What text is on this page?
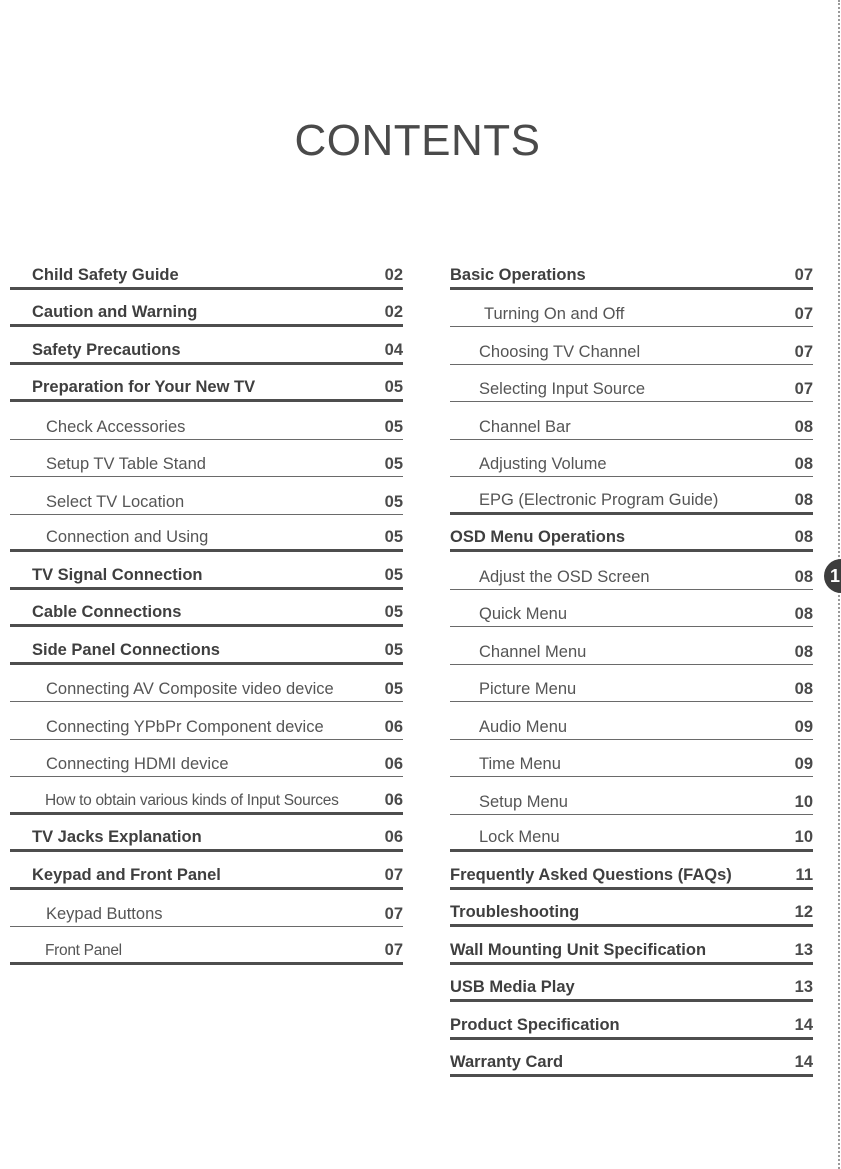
CONTENTS
Child Safety Guide	02
Caution and Warning	02
Safety Precautions	04
Preparation for Your New TV	05
Check Accessories	05
Setup TV Table Stand	05
Select TV Location	05
Connection and Using	05
TV Signal Connection	05
Cable Connections	05
Side Panel Connections	05
Connecting AV Composite video device	05
Connecting YPbPr Component device	06
Connecting HDMI device	06
How to obtain various kinds of Input Sources	06
TV Jacks Explanation	06
Keypad and Front Panel	07
Keypad Buttons	07
Front Panel	07
Basic Operations	07
Turning On and Off	07
Choosing TV Channel	07
Selecting Input Source	07
Channel Bar	08
Adjusting Volume	08
EPG (Electronic Program Guide)	08
OSD Menu Operations	08
Adjust the OSD Screen	08
Quick Menu	08
Channel Menu	08
Picture Menu	08
Audio Menu	09
Time Menu	09
Setup Menu	10
Lock Menu	10
Frequently Asked Questions (FAQs)	11
Troubleshooting	12
Wall Mounting Unit Specification	13
USB Media Play	13
Product Specification	14
Warranty Card	14
1
